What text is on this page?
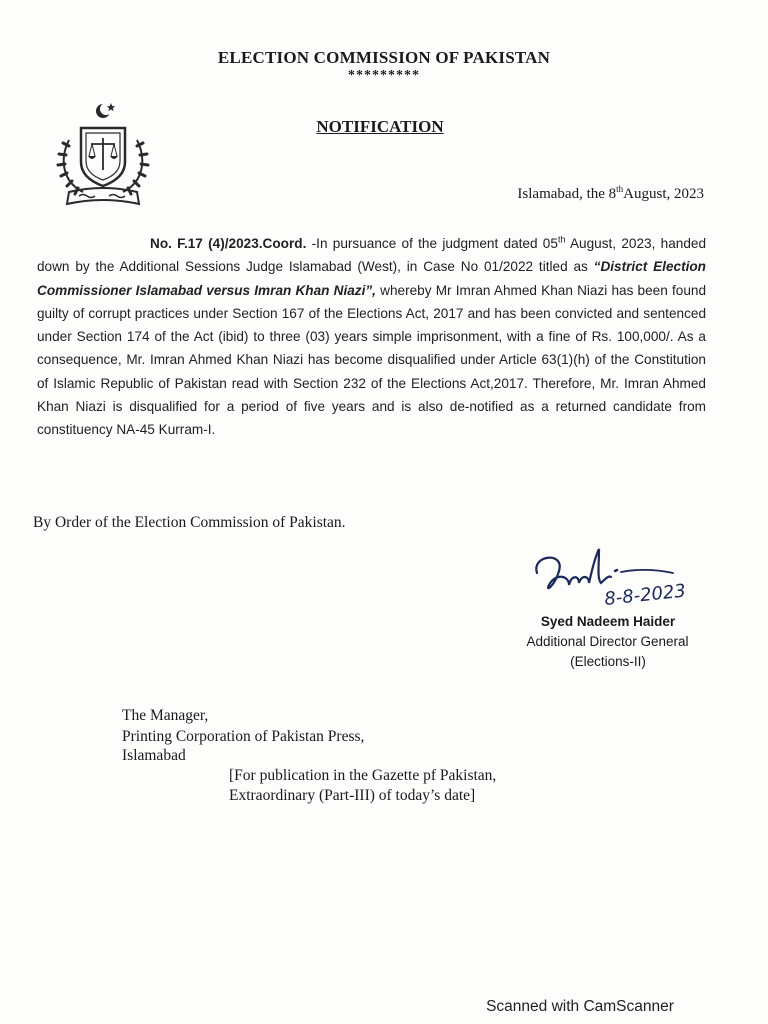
ELECTION COMMISSION OF PAKISTAN
*********
NOTIFICATION
Islamabad, the 8thAugust, 2023
No. F.17 (4)/2023.Coord. -In pursuance of the judgment dated 05th August, 2023, handed down by the Additional Sessions Judge Islamabad (West), in Case No 01/2022 titled as “District Election Commissioner Islamabad versus Imran Khan Niazi”, whereby Mr Imran Ahmed Khan Niazi has been found guilty of corrupt practices under Section 167 of the Elections Act, 2017 and has been convicted and sentenced under Section 174 of the Act (ibid) to three (03) years simple imprisonment, with a fine of Rs. 100,000/. As a consequence, Mr. Imran Ahmed Khan Niazi has become disqualified under Article 63(1)(h) of the Constitution of Islamic Republic of Pakistan read with Section 232 of the Elections Act,2017. Therefore, Mr. Imran Ahmed Khan Niazi is disqualified for a period of five years and is also de-notified as a returned candidate from constituency NA-45 Kurram-I.
By Order of the Election Commission of Pakistan.
8-8-2023
Syed Nadeem Haider
Additional Director General
(Elections-II)
The Manager,
Printing Corporation of Pakistan Press,
Islamabad
[For publication in the Gazette pf Pakistan,
Extraordinary (Part-III) of today’s date]
Scanned with CamScanner
